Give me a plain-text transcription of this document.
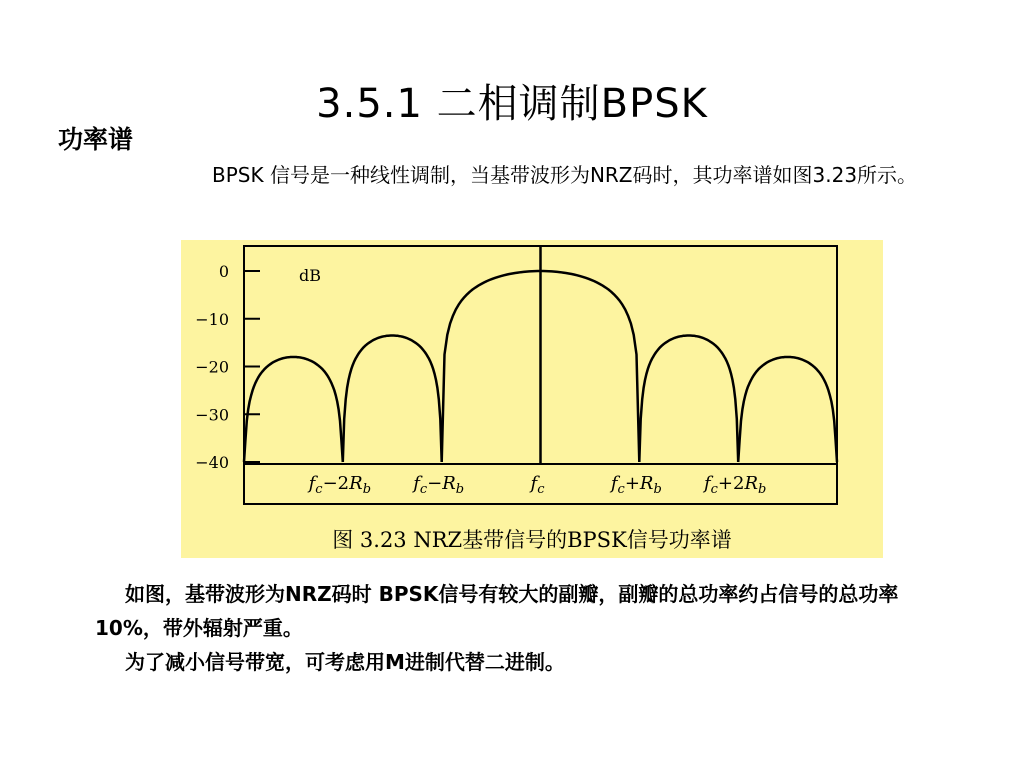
3.5.1 二相调制BPSK
功率谱
BPSK 信号是一种线性调制，当基带波形为NRZ码时，其功率谱如图3.23所示。
0
−10
−20
−30
−40
dB
$f_c-2R_b$ $f_c-R_b$	$f_c$	$f_c+R_b$ $f_c+2R_b$
图 3.23 NRZ基带信号的BPSK信号功率谱

如图，基带波形为NRZ码时 BPSK信号有较大的副瓣，副瓣的总功率约占信号的总功率10%，带外辐射严重。

为了减小信号带宽，可考虑用M进制代替二进制。
